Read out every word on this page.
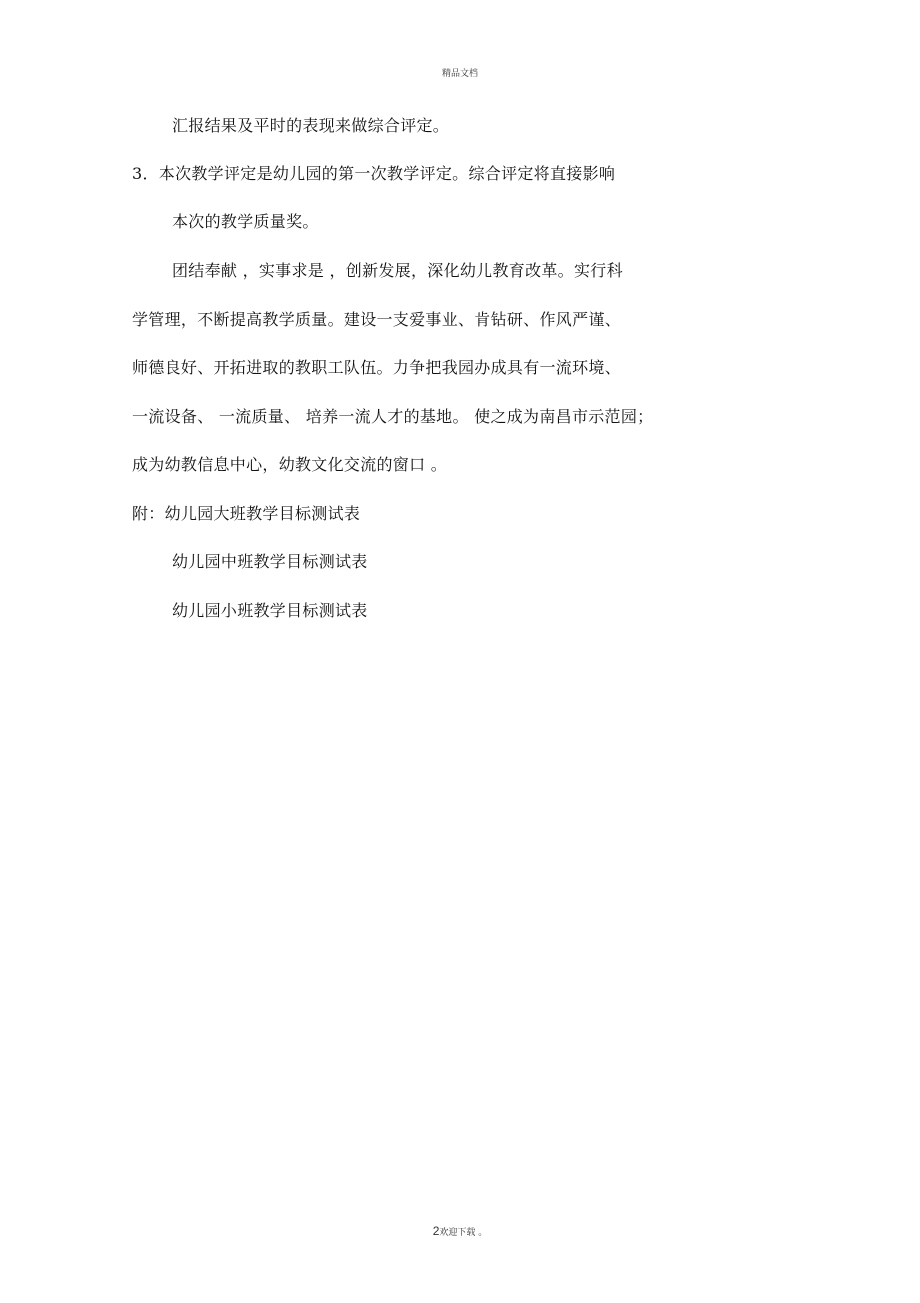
精品文档
汇报结果及平时的表现来做综合评定。
3．本次教学评定是幼儿园的第一次教学评定。综合评定将直接影响
本次的教学质量奖。
团结奉献 ，实事求是 ，创新发展，深化幼儿教育改革。实行科
学管理，不断提高教学质量。建设一支爱事业、肯钻研、作风严谨、
师德良好、开拓进取的教职工队伍。力争把我园办成具有一流环境、
一流设备、 一流质量、 培养一流人才的基地。 使之成为南昌市示范园；
成为幼教信息中心，幼教文化交流的窗口 。
附：幼儿园大班教学目标测试表
幼儿园中班教学目标测试表
幼儿园小班教学目标测试表
2欢迎下载 。
